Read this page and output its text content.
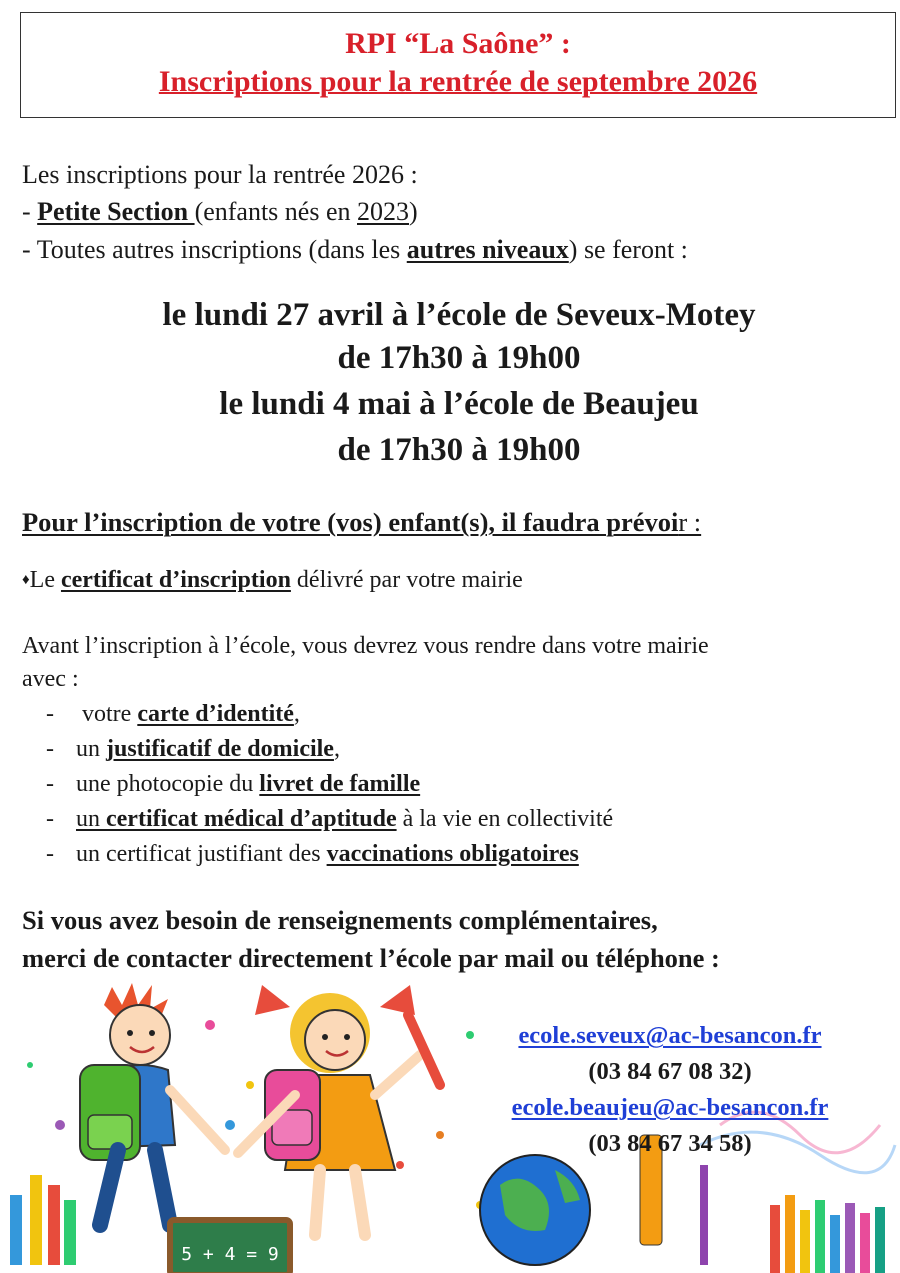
RPI “La Saône” :
Inscriptions pour la rentrée de septembre 2026
Les inscriptions pour la rentrée 2026 :
- Petite Section (enfants nés en 2023)
- Toutes autres inscriptions (dans les autres niveaux) se feront :
le lundi 27 avril à l’école de Seveux-Motey
de 17h30 à 19h00
le lundi 4 mai à l’école de Beaujeu
de 17h30 à 19h00
Pour l’inscription de votre (vos) enfant(s), il faudra prévoir :
♦Le certificat d’inscription délivré par votre mairie
Avant l’inscription à l’école, vous devrez vous rendre dans votre mairie
avec :
- votre carte d’identité,
- un justificatif de domicile,
- une photocopie du livret de famille
- un certificat médical d’aptitude à la vie en collectivité
- un certificat justifiant des vaccinations obligatoires
Si vous avez besoin de renseignements complémentaires,
merci de contacter directement l’école par mail ou téléphone :
5 + 4 = 9
ecole.seveux@ac-besancon.fr
(03 84 67 08 32)
ecole.beaujeu@ac-besancon.fr
(03 84 67 34 58)
